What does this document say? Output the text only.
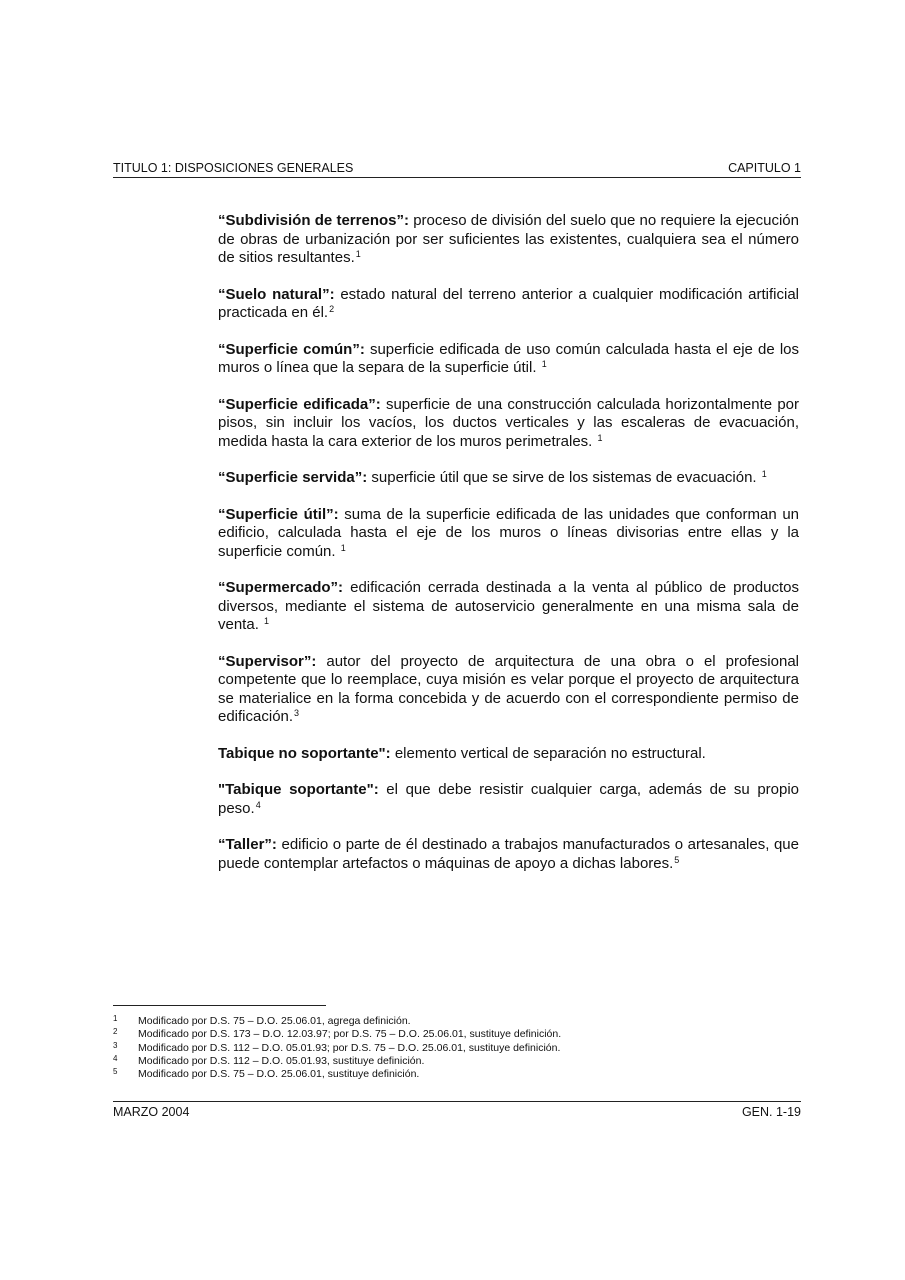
TITULO 1: DISPOSICIONES GENERALES	CAPITULO 1

“Subdivisión de terrenos”: proceso de división del suelo que no requiere la ejecución de obras de urbanización por ser suficientes las existentes, cualquiera sea el número de sitios resultantes.$^1$

“Suelo natural”: estado natural del terreno anterior a cualquier modificación artificial practicada en él.$^2$

“Superficie común”: superficie edificada de uso común calculada hasta el eje de los muros o línea que la separa de la superficie útil. $^1$

“Superficie edificada”: superficie de una construcción calculada horizontalmente por pisos, sin incluir los vacíos, los ductos verticales y las escaleras de evacuación, medida hasta la cara exterior de los muros perimetrales. $^1$

“Superficie servida”: superficie útil que se sirve de los sistemas de evacuación. $^1$

“Superficie útil”: suma de la superficie edificada de las unidades que conforman un edificio, calculada hasta el eje de los muros o líneas divisorias entre ellas y la superficie común. $^1$

“Supermercado”: edificación cerrada destinada a la venta al público de productos diversos, mediante el sistema de autoservicio generalmente en una misma sala de venta. $^1$

“Supervisor”: autor del proyecto de arquitectura de una obra o el profesional competente que lo reemplace, cuya misión es velar porque el proyecto de arquitectura se materialice en la forma concebida y de acuerdo con el correspondiente permiso de edificación.$^3$

Tabique no soportante": elemento vertical de separación no estructural.

"Tabique soportante": el que debe resistir cualquier carga, además de su propio peso.$^4$

“Taller”: edificio o parte de él destinado a trabajos manufacturados o artesanales, que puede contemplar artefactos o máquinas de apoyo a dichas labores.$^5$

1	Modificado por D.S. 75 – D.O. 25.06.01, agrega definición.
2	Modificado por D.S. 173 – D.O. 12.03.97; por D.S. 75 – D.O. 25.06.01, sustituye definición.
3	Modificado por D.S. 112 – D.O. 05.01.93; por D.S. 75 – D.O. 25.06.01, sustituye definición.
4	Modificado por D.S. 112 – D.O. 05.01.93, sustituye definición.
5	Modificado por D.S. 75 – D.O. 25.06.01, sustituye definición.
MARZO 2004	GEN. 1-19
